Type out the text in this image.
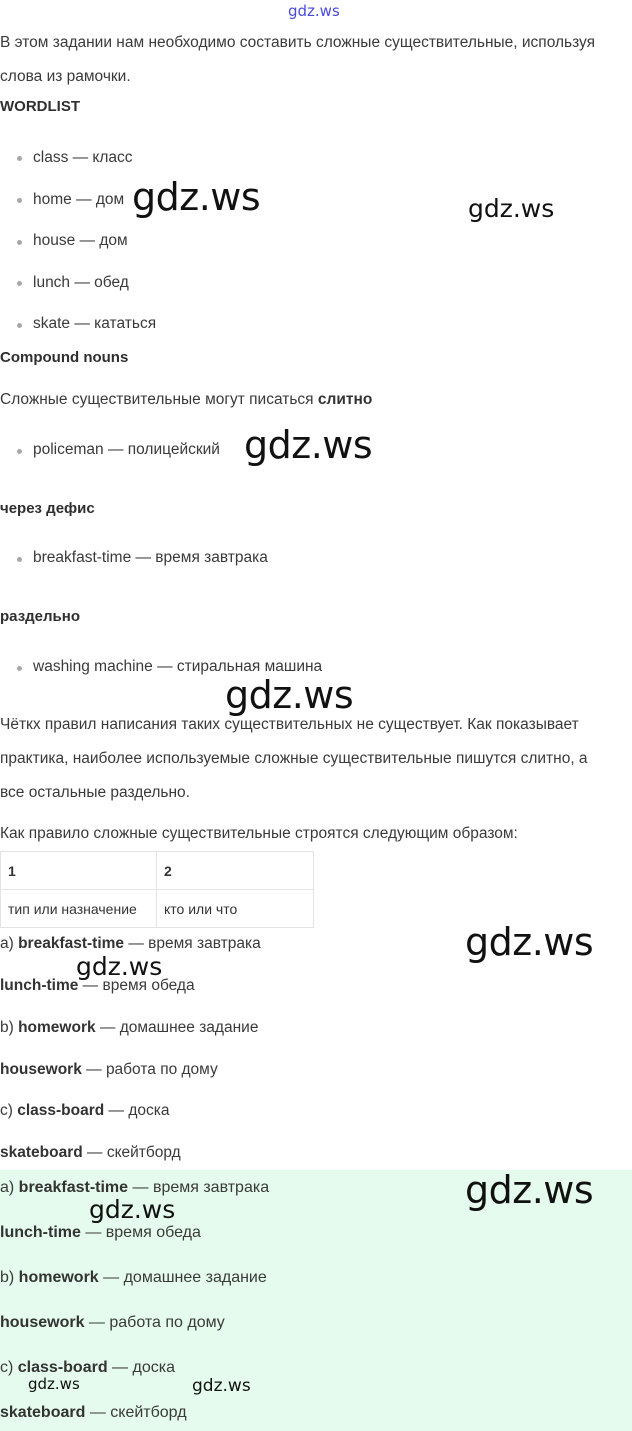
gdz.ws
В этом задании нам необходимо составить сложные существительные, используя слова из рамочки.
WORDLIST
class — класс
home — дом
house — дом
lunch — обед
skate — кататься
Compound nouns
Сложные существительные могут писаться слитно
policeman — полицейский
через дефис
breakfast-time — время завтрака
раздельно
washing machine — стиральная машина
Чёткх правил написания таких существительных не существует. Как показывает практика, наиболее используемые сложные существительные пишутся слитно, а все остальные раздельно.
Как правило сложные существительные строятся следующим образом:
1	2
тип или назначение	кто или что
a) breakfast-time — время завтрака
lunch-time — время обеда
b) homework — домашнее задание
housework — работа по дому
c) class-board — доска
skateboard — скейтборд
a) breakfast-time — время завтрака
lunch-time — время обеда
b) homework — домашнее задание
housework — работа по дому
c) class-board — доска
skateboard — скейтборд
gdz.ws	gdz.ws
gdz.ws
gdz.ws
gdz.ws
gdz.ws
gdz.ws
gdz.ws
gdz.ws	gdz.ws
